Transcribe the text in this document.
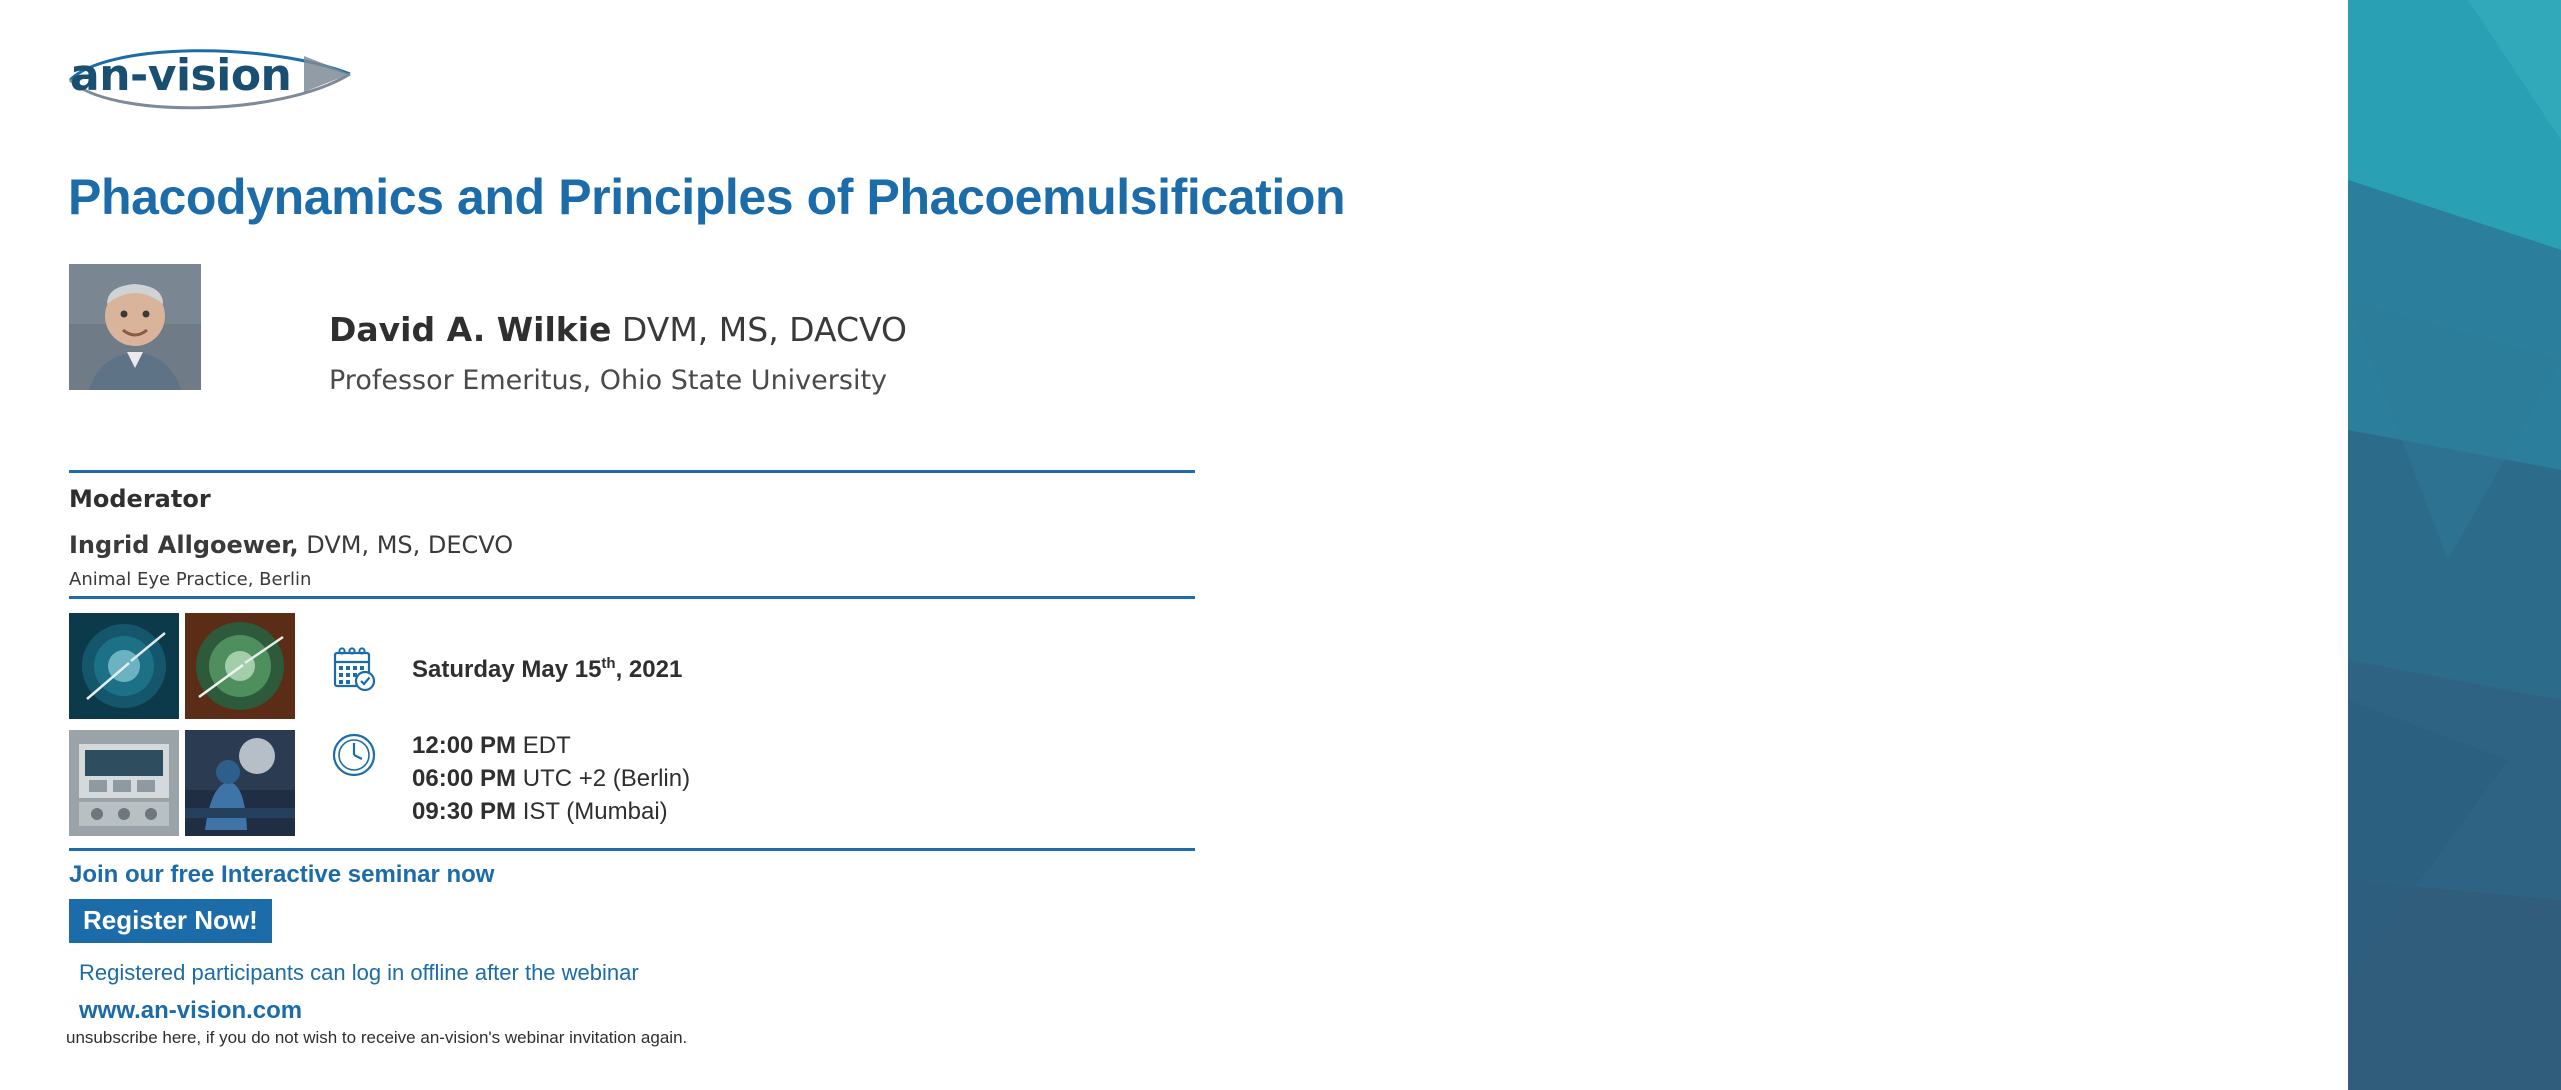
an-vision
Phacodynamics and Principles of Phacoemulsification
David A. Wilkie DVM, MS, DACVO
Professor Emeritus, Ohio State University
Moderator
Ingrid Allgoewer, DVM, MS, DECVO
Animal Eye Practice, Berlin
Saturday May 15th, 2021
12:00 PM EDT
06:00 PM UTC +2 (Berlin)
09:30 PM IST (Mumbai)
Join our free Interactive seminar now
Register Now!
Registered participants can log in offline after the webinar
www.an-vision.com
unsubscribe here, if you do not wish to receive an-vision's webinar invitation again.
